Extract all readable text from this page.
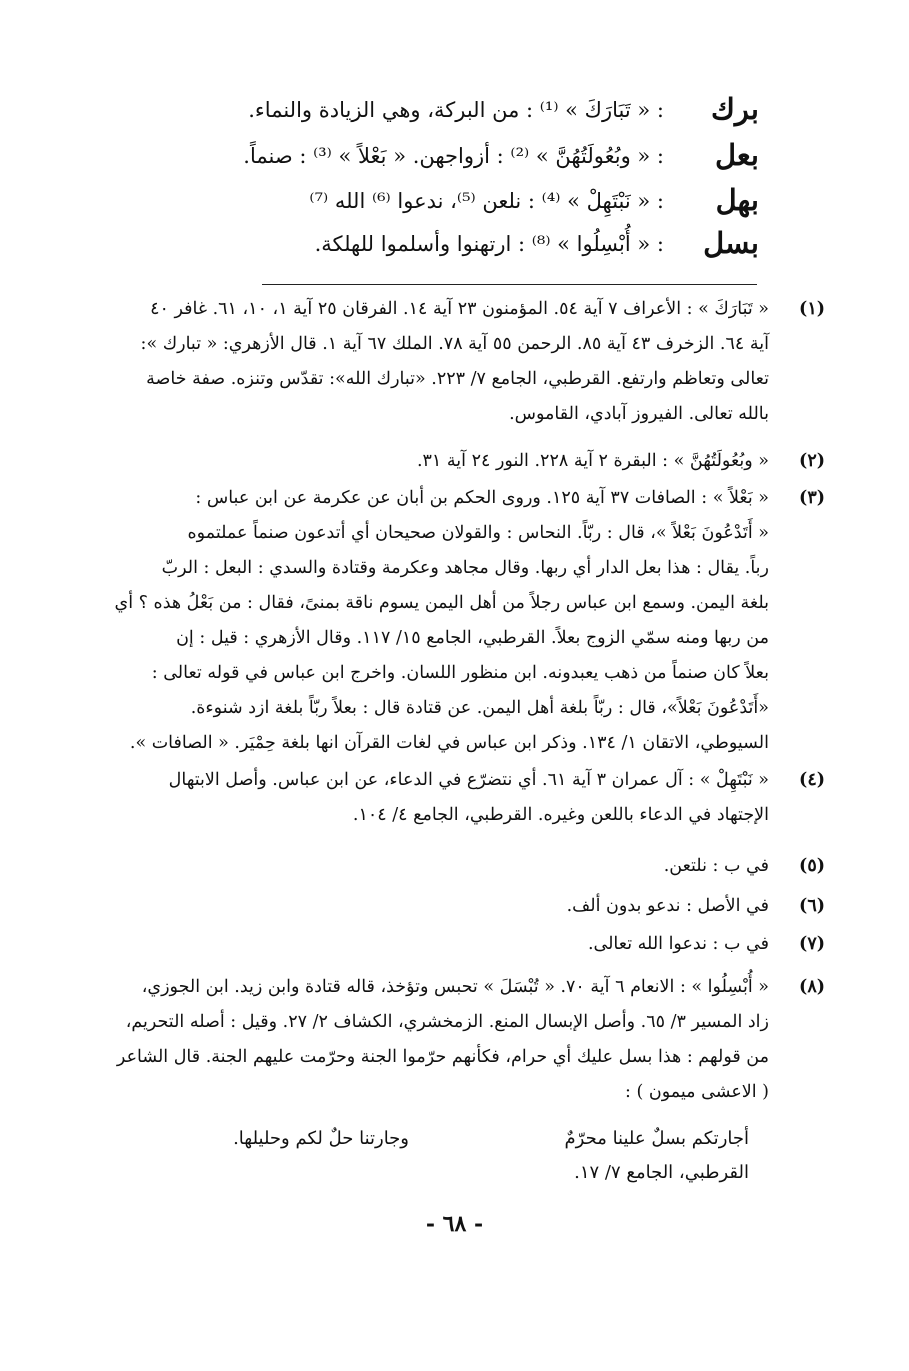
برك
: « تَبَارَكَ » ⁽¹⁾ : من البركة، وهي الزيادة والنماء.
بعل
: « وبُعُولَتُهُنَّ » ⁽²⁾ : أزواجهن. « بَعْلاً » ⁽³⁾ : صنماً.
بهل
: « نَبْتَهِلْ » ⁽⁴⁾ : نلعن ⁽⁵⁾، ندعوا ⁽⁶⁾ الله ⁽⁷⁾
بسل
: « أُبْسِلُوا » ⁽⁸⁾ : ارتهنوا وأسلموا للهلكة.
(١)

« تَبَارَكَ » : الأعراف ٧ آية ٥٤. المؤمنون ٢٣ آية ١٤. الفرقان ٢٥ آية ١، ١٠، ٦١. غافر ٤٠

آية ٦٤. الزخرف ٤٣ آية ٨٥. الرحمن ٥٥ آية ٧٨. الملك ٦٧ آية ١. قال الأزهري: « تبارك »:

تعالى وتعاظم وارتفع. القرطبي، الجامع ٧/ ٢٢٣. «تبارك الله»: تقدّس وتنزه. صفة خاصة

بالله تعالى. الفيروز آبادي، القاموس.

(٢)

« وبُعُولَتُهُنَّ » : البقرة ٢ آية ٢٢٨. النور ٢٤ آية ٣١.

(٣)

« بَعْلاً » : الصافات ٣٧ آية ١٢٥. وروى الحكم بن أبان عن عكرمة عن ابن عباس :

« أَتَدْعُونَ بَعْلاً »، قال : ربّاً. النحاس : والقولان صحيحان أي أتدعون صنماً عملتموه

رباً. يقال : هذا بعل الدار أي ربها. وقال مجاهد وعكرمة وقتادة والسدي : البعل : الربّ

بلغة اليمن. وسمع ابن عباس رجلاً من أهل اليمن يسوم ناقة بمنىً، فقال : من بَعْلُ هذه ؟ أي

من ربها ومنه سمّي الزوج بعلاً. القرطبي، الجامع ١٥/ ١١٧. وقال الأزهري : قيل : إن

بعلاً كان صنماً من ذهب يعبدونه. ابن منظور اللسان. واخرج ابن عباس في قوله تعالى :

«أَتَدْعُونَ بَعْلاً»، قال : ربّاً بلغة أهل اليمن. عن قتادة قال : بعلاً ربّاً بلغة ازد شنوءة.

السيوطي، الاتقان ١/ ١٣٤. وذكر ابن عباس في لغات القرآن انها بلغة حِمْيَر. « الصافات ».

(٤)

« نَبْتَهِلْ » : آل عمران ٣ آية ٦١. أي نتضرّع في الدعاء، عن ابن عباس. وأصل الابتهال

الإجتهاد في الدعاء باللعن وغيره. القرطبي، الجامع ٤/ ١٠٤.

(٥)

في ب : نلتعن.

(٦)

في الأصل : ندعو بدون ألف.

(٧)

في ب : ندعوا الله تعالى.

(٨)

« أُبْسِلُوا » : الانعام ٦ آية ٧٠. « تُبْسَلَ » تحبس وتؤخذ، قاله قتادة وابن زيد. ابن الجوزي،

زاد المسير ٣/ ٦٥. وأصل الإبسال المنع. الزمخشري، الكشاف ٢/ ٢٧. وقيل : أصله التحريم،

من قولهم : هذا بسل عليك أي حرام، فكأنهم حرّموا الجنة وحرّمت عليهم الجنة. قال الشاعر

( الاعشى ميمون ) :

أجارتكم بسلٌ علينا محرّمٌ
وجارتنا حلٌ لكم وحليلها.
القرطبي، الجامع ٧/ ١٧.
- ٦٨ -
